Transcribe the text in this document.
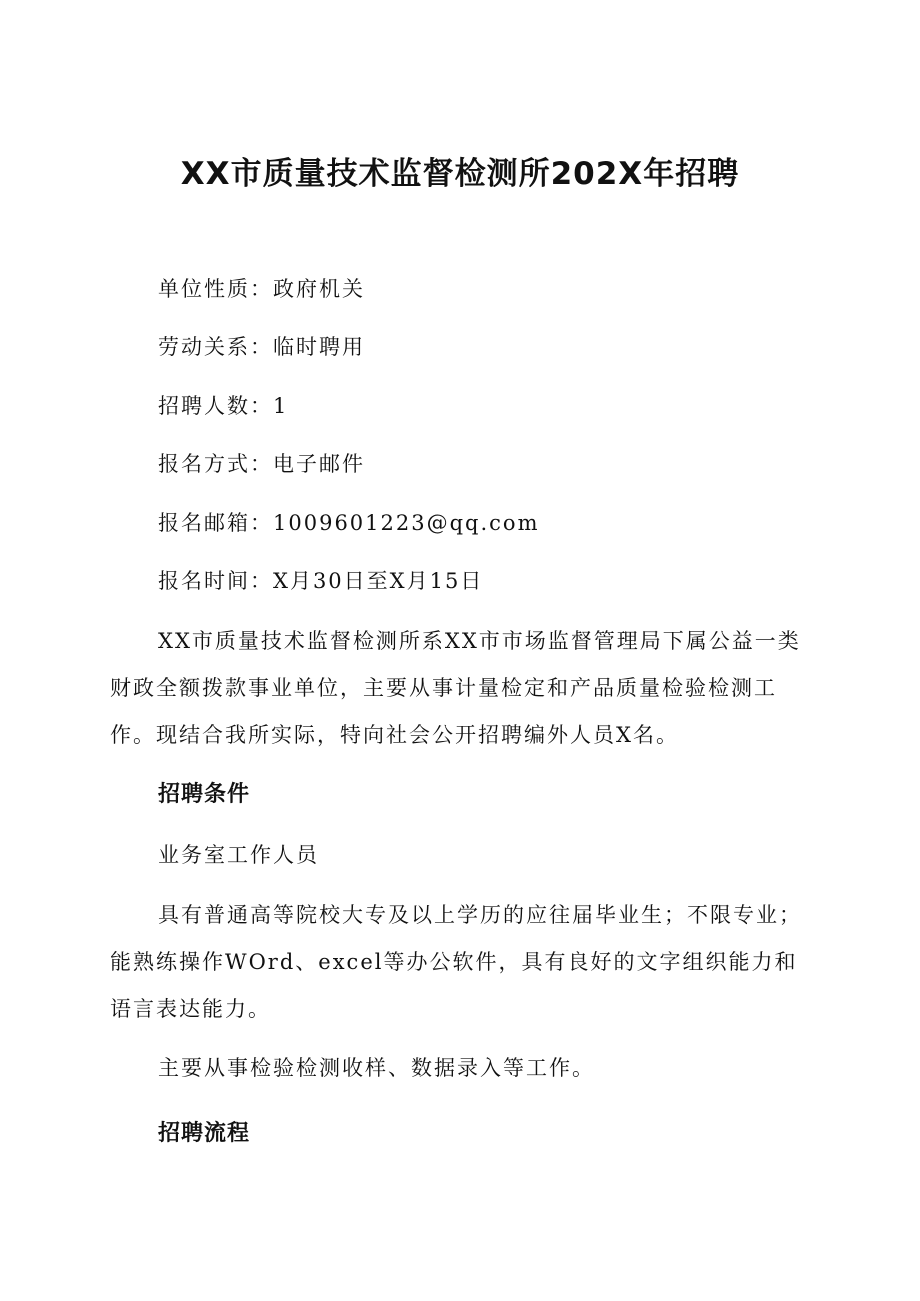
XX市质量技术监督检测所202X年招聘
单位性质：政府机关
劳动关系：临时聘用
招聘人数：1
报名方式：电子邮件
报名邮箱：1009601223@qq.com
报名时间：X月30日至X月15日

XX市质量技术监督检测所系XX市市场监督管理局下属公益一类财政全额拨款事业单位，主要从事计量检定和产品质量检验检测工作。现结合我所实际，特向社会公开招聘编外人员X名。

招聘条件
业务室工作人员

具有普通高等院校大专及以上学历的应往届毕业生；不限专业；能熟练操作WOrd、excel等办公软件，具有良好的文字组织能力和语言表达能力。

主要从事检验检测收样、数据录入等工作。
招聘流程
